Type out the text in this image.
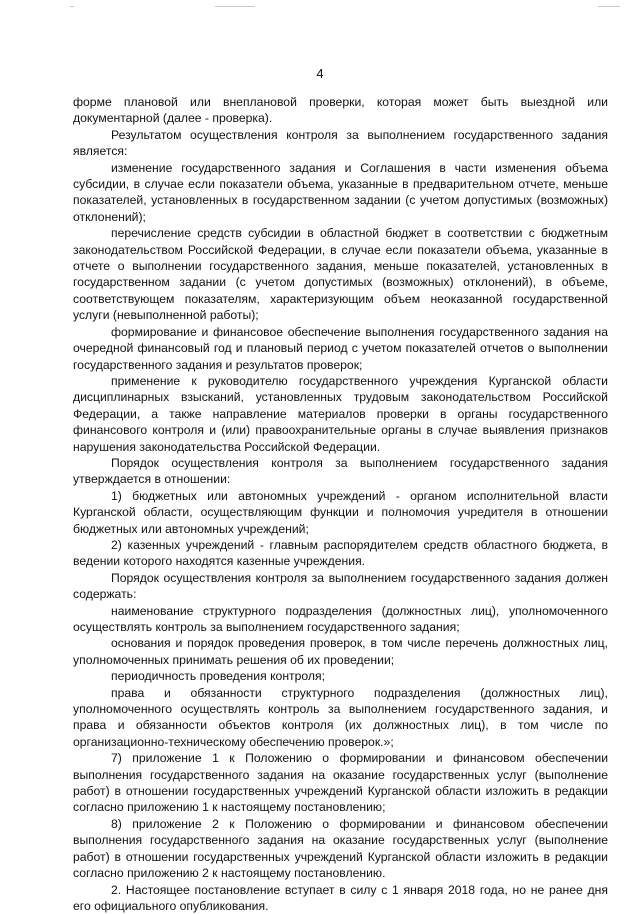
4

форме плановой или внеплановой проверки, которая может быть выездной или документарной (далее - проверка).

Результатом осуществления контроля за выполнением государственного задания является:

изменение государственного задания и Соглашения в части изменения объема субсидии, в случае если показатели объема, указанные в предварительном отчете, меньше показателей, установленных в государственном задании (с учетом допустимых (возможных) отклонений);

перечисление средств субсидии в областной бюджет в соответствии с бюджетным законодательством Российской Федерации, в случае если показатели объема, указанные в отчете о выполнении государственного задания, меньше показателей, установленных в государственном задании (с учетом допустимых (возможных) отклонений), в объеме, соответствующем показателям, характеризующим объем неоказанной государственной услуги (невыполненной работы);

формирование и финансовое обеспечение выполнения государственного задания на очередной финансовый год и плановый период с учетом показателей отчетов о выполнении государственного задания и результатов проверок;

применение к руководителю государственного учреждения Курганской области дисциплинарных взысканий, установленных трудовым законодательством Российской Федерации, а также направление материалов проверки в органы государственного финансового контроля и (или) правоохранительные органы в случае выявления признаков нарушения законодательства Российской Федерации.

Порядок осуществления контроля за выполнением государственного задания утверждается в отношении:

1) бюджетных или автономных учреждений - органом исполнительной власти Курганской области, осуществляющим функции и полномочия учредителя в отношении бюджетных или автономных учреждений;

2) казенных учреждений - главным распорядителем средств областного бюджета, в ведении которого находятся казенные учреждения.

Порядок осуществления контроля за выполнением государственного задания должен содержать:

наименование структурного подразделения (должностных лиц), уполномоченного осуществлять контроль за выполнением государственного задания;

основания и порядок проведения проверок, в том числе перечень должностных лиц, уполномоченных принимать решения об их проведении;

периодичность проведения контроля;

права и обязанности структурного подразделения (должностных лиц), уполномоченного осуществлять контроль за выполнением государственного задания, и права и обязанности объектов контроля (их должностных лиц), в том числе по организационно-техническому обеспечению проверок.»;

7) приложение 1 к Положению о формировании и финансовом обеспечении выполнения государственного задания на оказание государственных услуг (выполнение работ) в отношении государственных учреждений Курганской области изложить в редакции согласно приложению 1 к настоящему постановлению;

8) приложение 2 к Положению о формировании и финансовом обеспечении выполнения государственного задания на оказание государственных услуг (выполнение работ) в отношении государственных учреждений Курганской области изложить в редакции согласно приложению 2 к настоящему постановлению.

2. Настоящее постановление вступает в силу с 1 января 2018 года, но не ранее дня его официального опубликования.
